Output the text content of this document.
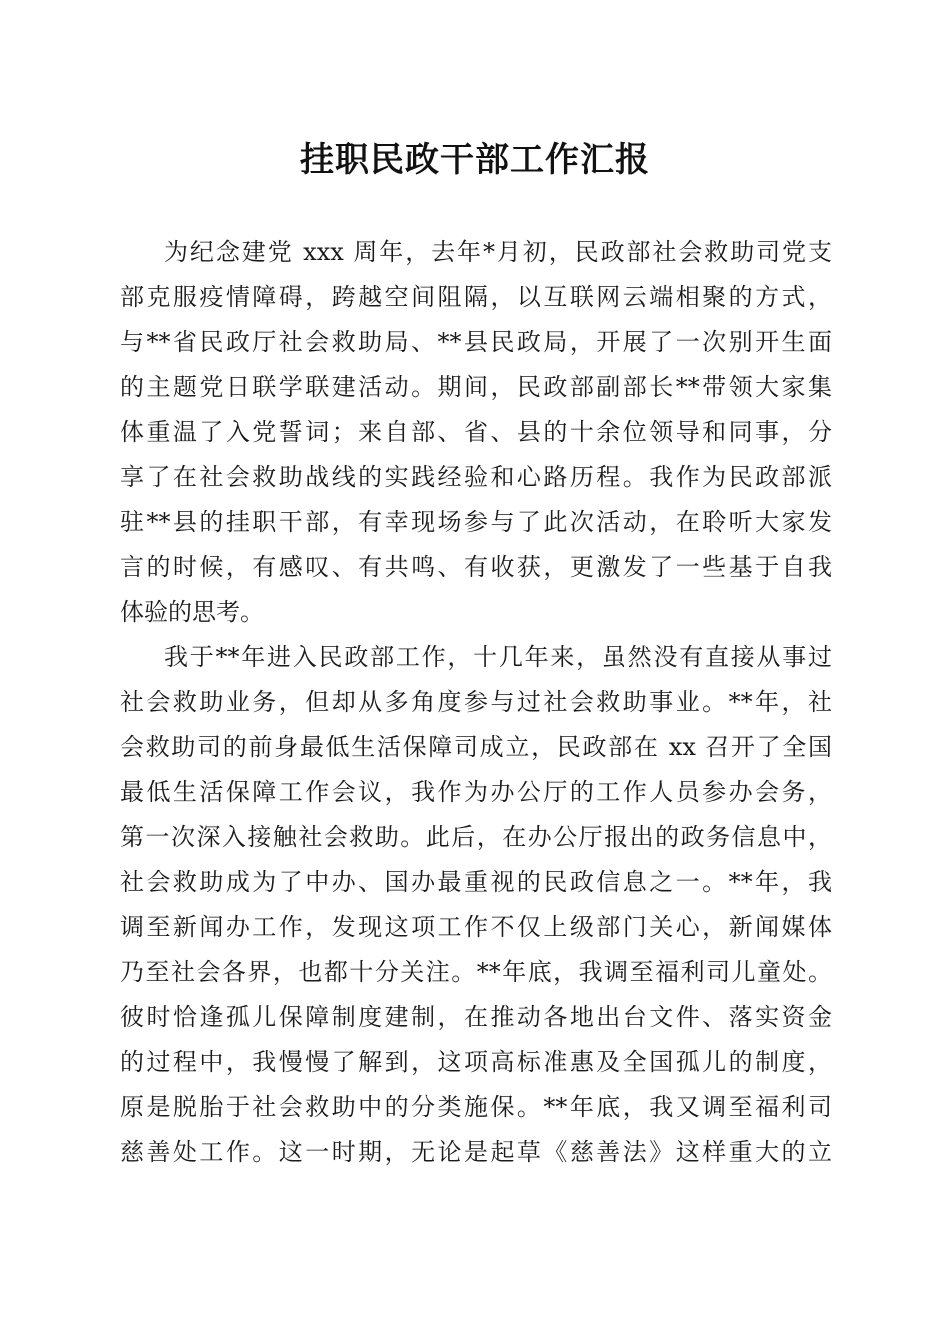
挂职民政干部工作汇报
为纪念建党 xxx 周年，去年*月初，民政部社会救助司党支
部克服疫情障碍，跨越空间阻隔，以互联网云端相聚的方式，
与**省民政厅社会救助局、**县民政局，开展了一次别开生面
的主题党日联学联建活动。期间，民政部副部长**带领大家集
体重温了入党誓词；来自部、省、县的十余位领导和同事，分
享了在社会救助战线的实践经验和心路历程。我作为民政部派
驻**县的挂职干部，有幸现场参与了此次活动，在聆听大家发
言的时候，有感叹、有共鸣、有收获，更激发了一些基于自我
体验的思考。
我于**年进入民政部工作，十几年来，虽然没有直接从事过
社会救助业务，但却从多角度参与过社会救助事业。**年，社
会救助司的前身最低生活保障司成立，民政部在 xx 召开了全国
最低生活保障工作会议，我作为办公厅的工作人员参办会务，
第一次深入接触社会救助。此后，在办公厅报出的政务信息中，
社会救助成为了中办、国办最重视的民政信息之一。**年，我
调至新闻办工作，发现这项工作不仅上级部门关心，新闻媒体
乃至社会各界，也都十分关注。**年底，我调至福利司儿童处。
彼时恰逢孤儿保障制度建制，在推动各地出台文件、落实资金
的过程中，我慢慢了解到，这项高标准惠及全国孤儿的制度，
原是脱胎于社会救助中的分类施保。**年底，我又调至福利司
慈善处工作。这一时期，无论是起草《慈善法》这样重大的立
